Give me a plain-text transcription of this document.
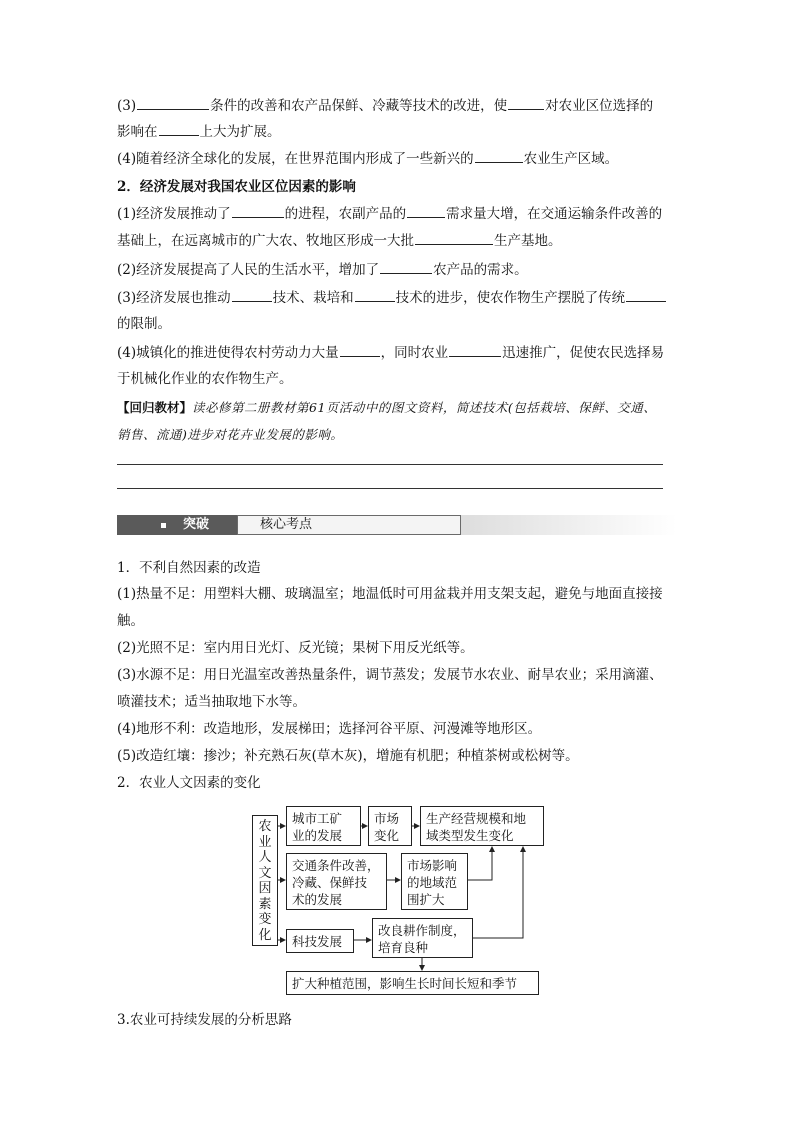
(3)	条件的改善和农产品保鲜、冷藏等技术的改进，使	对农业区位选择的
影响在	上大为扩展。
(4)随着经济全球化的发展，在世界范围内形成了一些新兴的	农业生产区域。
2．经济发展对我国农业区位因素的影响
(1)经济发展推动了	的进程，农副产品的	需求量大增，在交通运输条件改善的
基础上，在远离城市的广大农、牧地区形成一大批	生产基地。
(2)经济发展提高了人民的生活水平，增加了	农产品的需求。
(3)经济发展也推动	技术、栽培和	技术的进步，使农作物生产摆脱了传统
的限制。
(4)城镇化的推进使得农村劳动力大量	，同时农业	迅速推广，促使农民选择易
于机械化作业的农作物生产。
【回归教材】读必修第二册教材第61页活动中的图文资料，简述技术(包括栽培、保鲜、交通、
销售、流通)进步对花卉业发展的影响。
突破	核心考点
1．不利自然因素的改造
(1)热量不足：用塑料大棚、玻璃温室；地温低时可用盆栽并用支架支起，避免与地面直接接
触。
(2)光照不足：室内用日光灯、反光镜；果树下用反光纸等。
(3)水源不足：用日光温室改善热量条件，调节蒸发；发展节水农业、耐旱农业；采用滴灌、
喷灌技术；适当抽取地下水等。
(4)地形不利：改造地形，发展梯田；选择河谷平原、河漫滩等地形区。
(5)改造红壤：掺沙；补充熟石灰(草木灰)，增施有机肥；种植茶树或松树等。
2．农业人文因素的变化
农
业
人
文
因
素
变
化
城市工矿
业的发展
市场
变化
生产经营规模和地
域类型发生变化
交通条件改善，
冷藏、保鲜技
术的发展
市场影响
的地域范
围扩大
科技发展
改良耕作制度，
培育良种
扩大种植范围，影响生长时间长短和季节
3.农业可持续发展的分析思路
